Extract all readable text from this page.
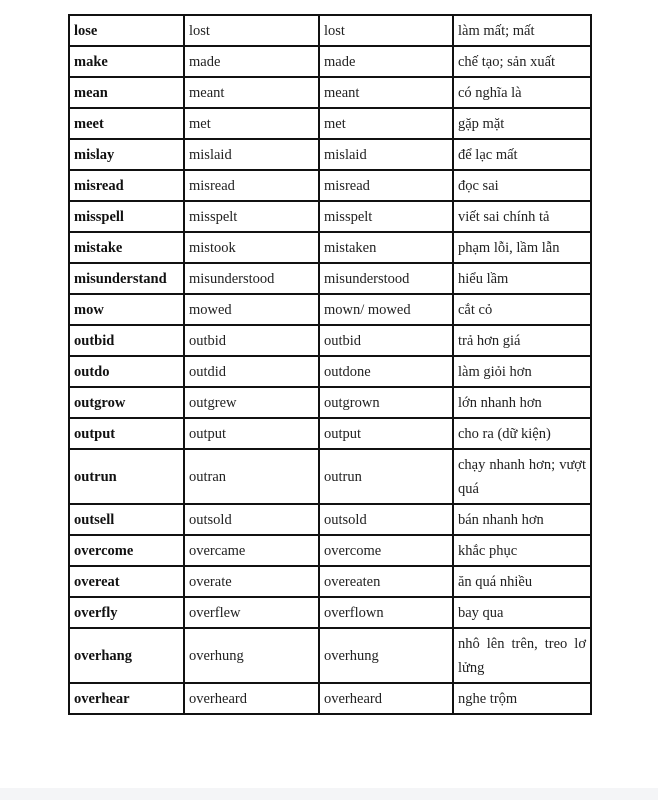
lose	lost	lost	làm mất; mất
make	made	made	chế tạo; sản xuất
mean	meant	meant	có nghĩa là
meet	met	met	gặp mặt
mislay	mislaid	mislaid	để lạc mất
misread	misread	misread	đọc sai
misspell	misspelt	misspelt	viết sai chính tả
mistake	mistook	mistaken	phạm lỗi, lầm lẫn
misunderstand	misunderstood	misunderstood	hiểu lầm
mow	mowed	mown/ mowed	cắt cỏ
outbid	outbid	outbid	trả hơn giá
outdo	outdid	outdone	làm giỏi hơn
outgrow	outgrew	outgrown	lớn nhanh hơn
output	output	output	cho ra (dữ kiện)
outrun	outran	outrun	chạy nhanh hơn; vượt quá
outsell	outsold	outsold	bán nhanh hơn
overcome	overcame	overcome	khắc phục
overeat	overate	overeaten	ăn quá nhiều
overfly	overflew	overflown	bay qua
overhang	overhung	overhung	nhô lên trên, treo lơ lửng
overhear	overheard	overheard	nghe trộm
